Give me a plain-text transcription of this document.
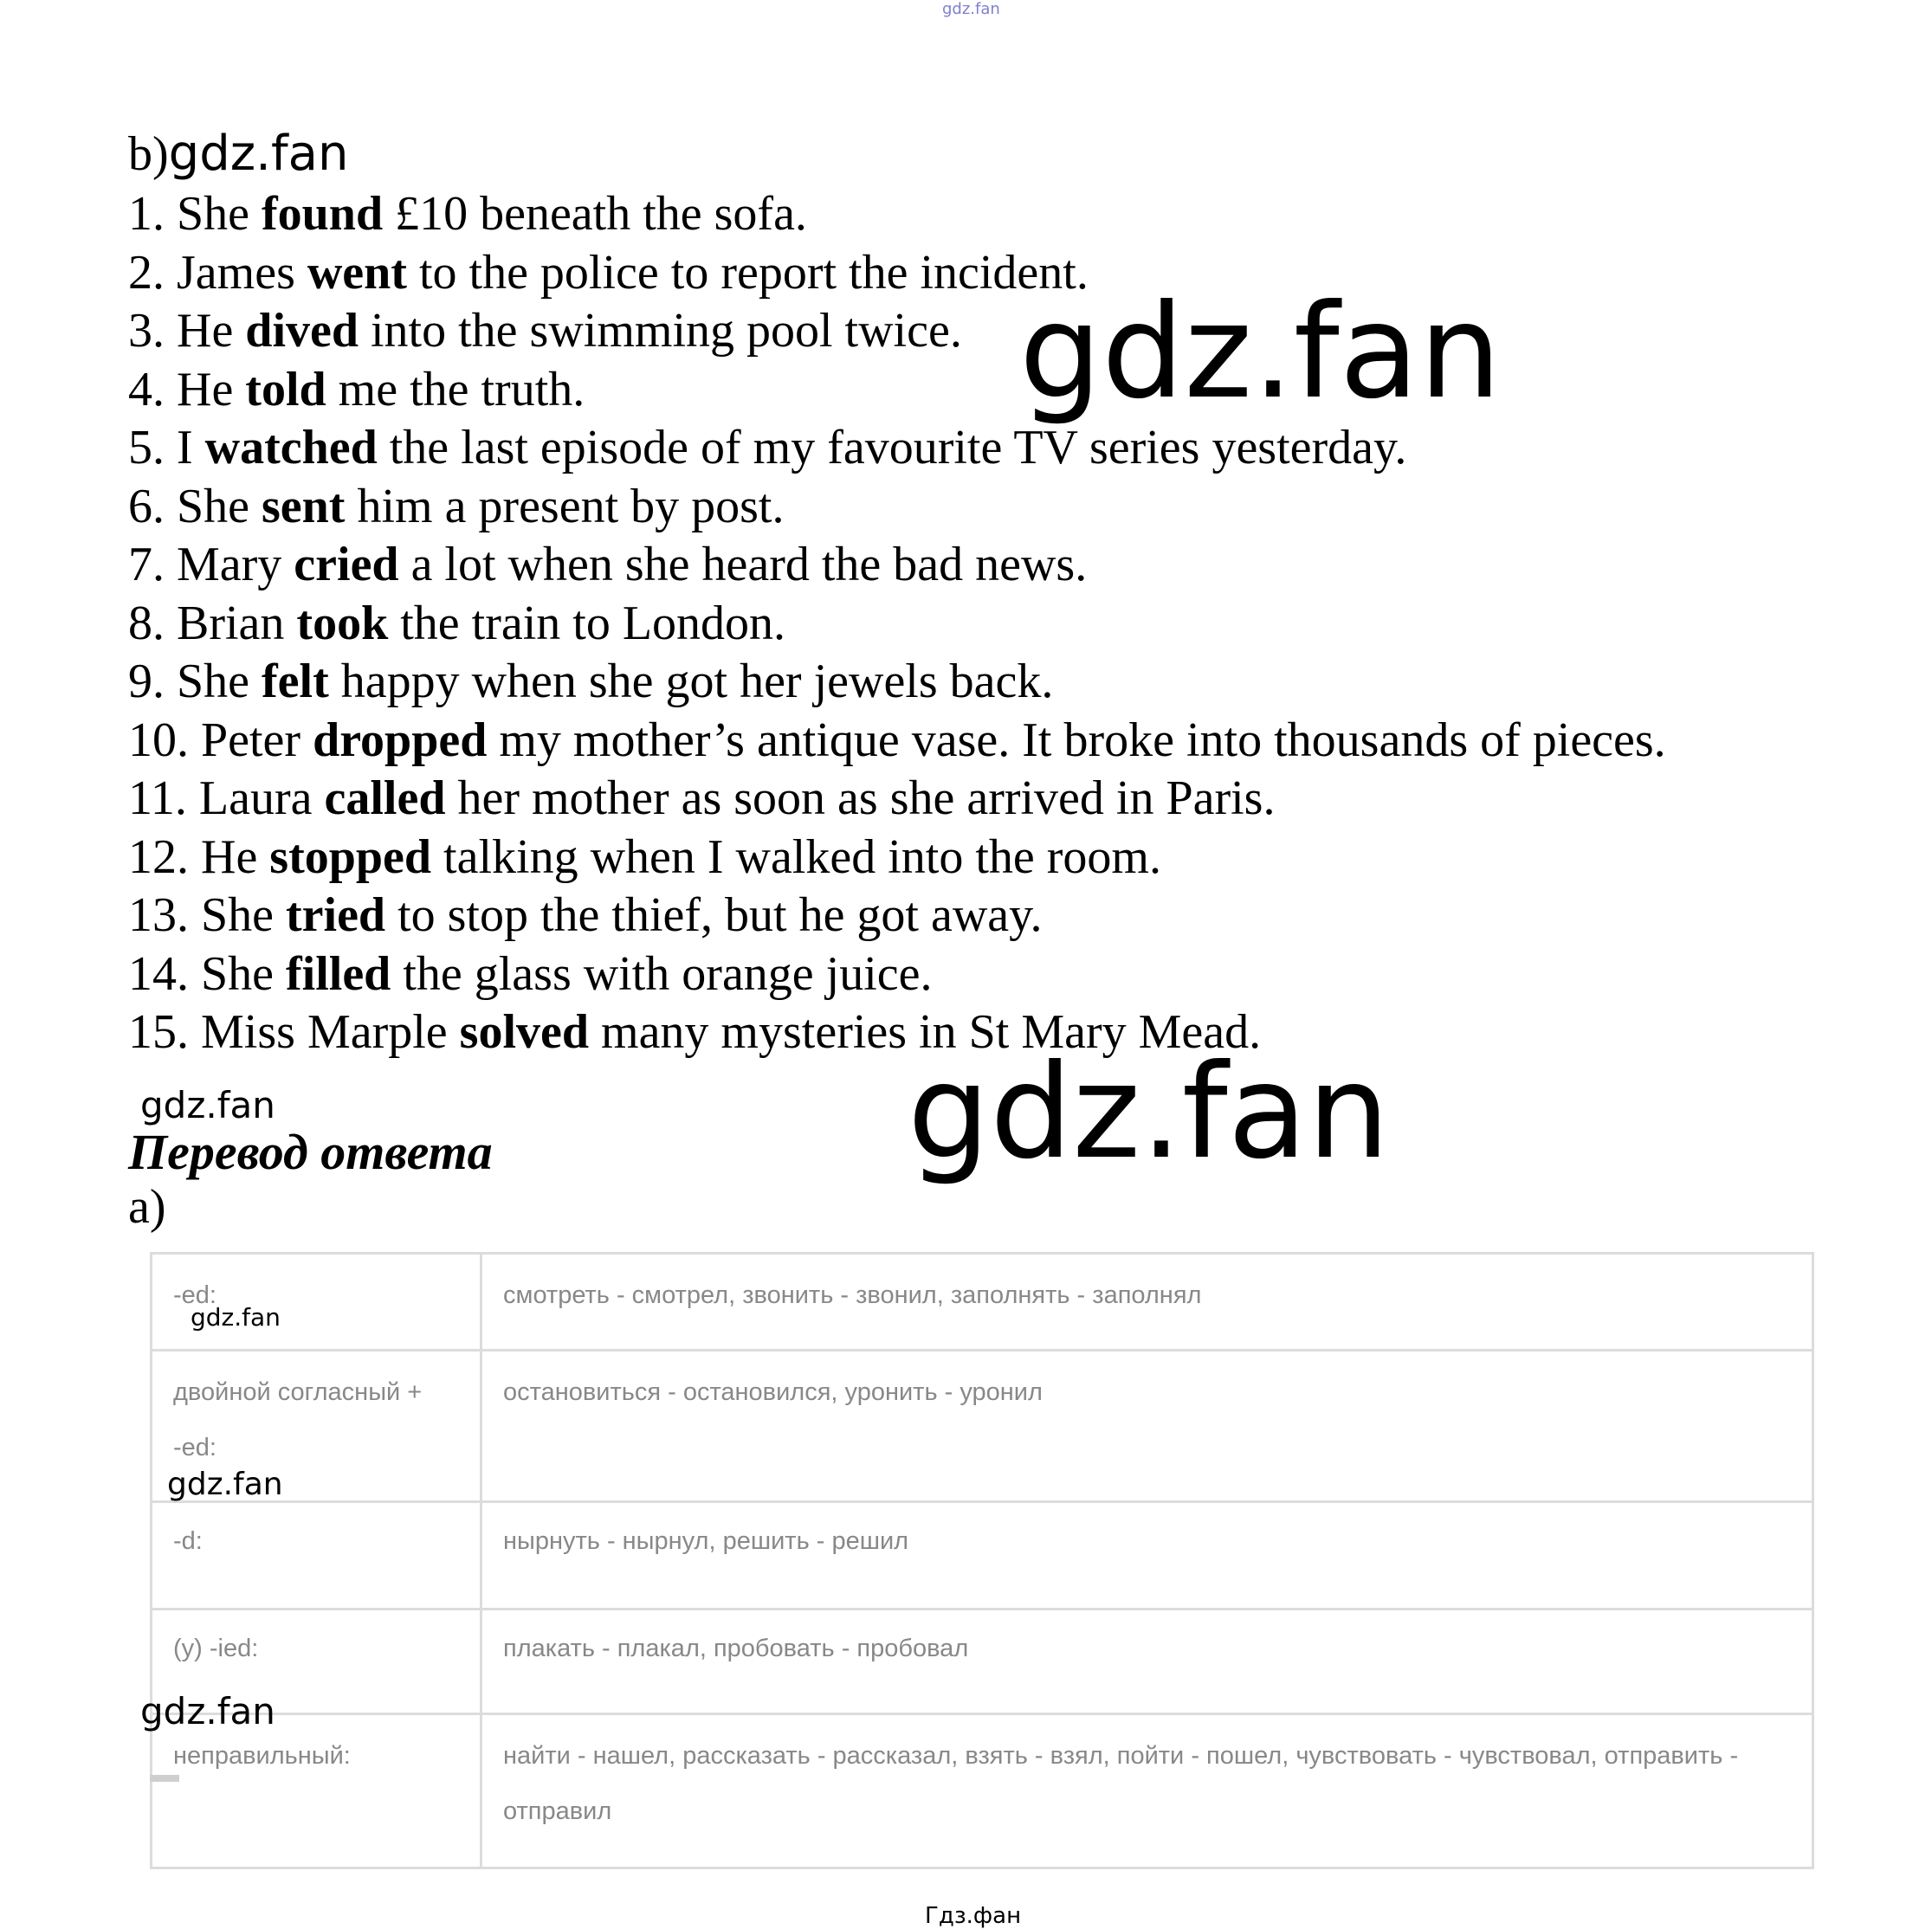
gdz.fan
b)gdz.fan
1. She found £10 beneath the sofa.
2. James went to the police to report the incident.
3. He dived into the swimming pool twice.
4. He told me the truth.
5. I watched the last episode of my favourite TV series yesterday.
6. She sent him a present by post.
7. Mary cried a lot when she heard the bad news.
8. Brian took the train to London.
9. She felt happy when she got her jewels back.
10. Peter dropped my mother’s antique vase. It broke into thousands of pieces.
11. Laura called her mother as soon as she arrived in Paris.
12. He stopped talking when I walked into the room.
13. She tried to stop the thief, but he got away.
14. She filled the glass with orange juice.
15. Miss Marple solved many mysteries in St Mary Mead.
gdz.fan
gdz.fan
gdz.fan
Перевод ответа
a)

-ed:	смотреть - смотрел, звонить - звонил, заполнять - заполнял

двойной согласный +

-ed:	остановиться - остановился, уронить - уронил

-d:	нырнуть - нырнул, решить - решил

(y) -ied:	плакать - плакал, пробовать - пробовал

неправильный:	найти - нашел, рассказать - рассказал, взять - взял, пойти - пошел, чувствовать - чувствовал, отправить -

отправил

gdz.fan
gdz.fan
gdz.fan
Гдз.фан
